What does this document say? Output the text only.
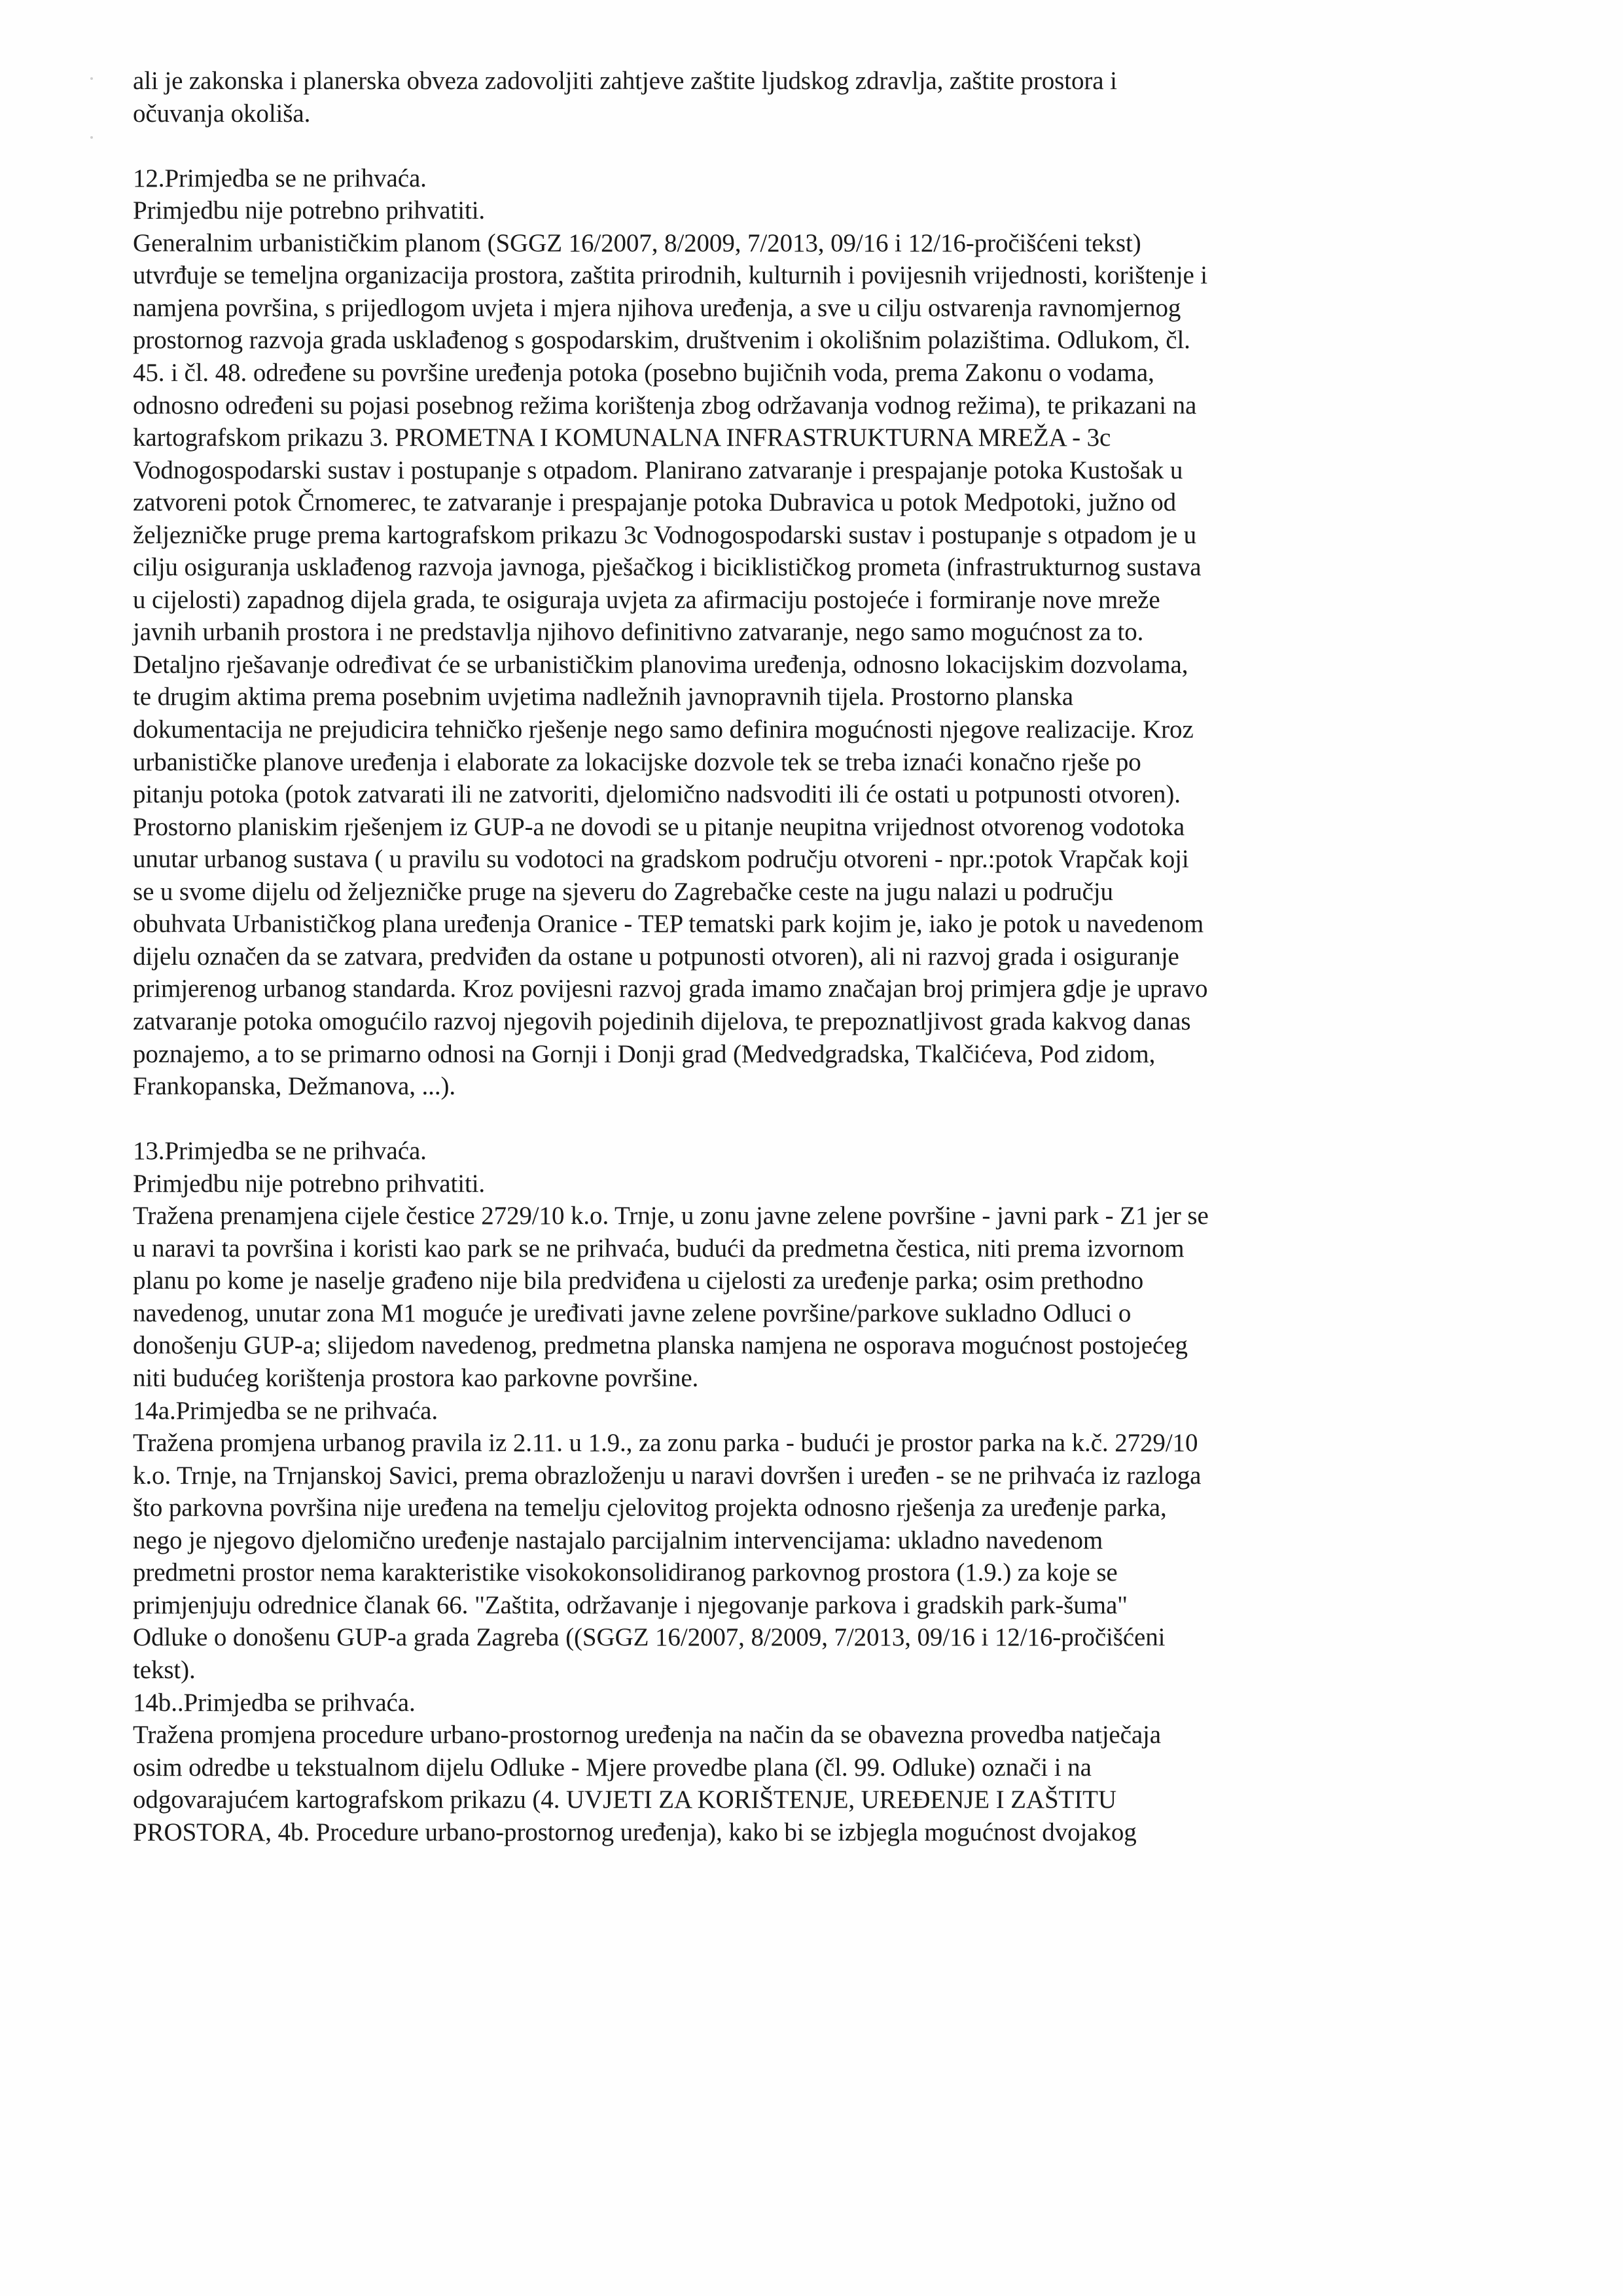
ali je zakonska i planerska obveza zadovoljiti zahtjeve zaštite ljudskog zdravlja, zaštite prostora i
očuvanja okoliša.
12.Primjedba se ne prihvaća.
Primjedbu nije potrebno prihvatiti.
Generalnim urbanističkim planom (SGGZ 16/2007, 8/2009, 7/2013, 09/16 i 12/16-pročišćeni tekst)
utvrđuje se temeljna organizacija prostora, zaštita prirodnih, kulturnih i povijesnih vrijednosti, korištenje i
namjena površina, s prijedlogom uvjeta i mjera njihova uređenja, a sve u cilju ostvarenja ravnomjernog
prostornog razvoja grada usklađenog s gospodarskim, društvenim i okolišnim polazištima. Odlukom, čl.
45. i čl. 48. određene su površine uređenja potoka (posebno bujičnih voda, prema Zakonu o vodama,
odnosno određeni su pojasi posebnog režima korištenja zbog održavanja vodnog režima), te prikazani na
kartografskom prikazu 3. PROMETNA I KOMUNALNA INFRASTRUKTURNA MREŽA - 3c
Vodnogospodarski sustav i postupanje s otpadom. Planirano zatvaranje i prespajanje potoka Kustošak u
zatvoreni potok Črnomerec, te zatvaranje i prespajanje potoka Dubravica u potok Medpotoki, južno od
željezničke pruge prema kartografskom prikazu 3c Vodnogospodarski sustav i postupanje s otpadom je u
cilju osiguranja usklađenog razvoja javnoga, pješačkog i biciklističkog prometa (infrastrukturnog sustava
u cijelosti) zapadnog dijela grada, te osiguraja uvjeta za afirmaciju postojeće i formiranje nove mreže
javnih urbanih prostora i ne predstavlja njihovo definitivno zatvaranje, nego samo mogućnost za to.
Detaljno rješavanje određivat će se urbanističkim planovima uređenja, odnosno lokacijskim dozvolama,
te drugim aktima prema posebnim uvjetima nadležnih javnopravnih tijela. Prostorno planska
dokumentacija ne prejudicira tehničko rješenje nego samo definira mogućnosti njegove realizacije. Kroz
urbanističke planove uređenja i elaborate za lokacijske dozvole tek se treba iznaći konačno rješe po
pitanju potoka (potok zatvarati ili ne zatvoriti, djelomično nadsvoditi ili će ostati u potpunosti otvoren).
Prostorno planiskim rješenjem iz GUP-a ne dovodi se u pitanje neupitna vrijednost otvorenog vodotoka
unutar urbanog sustava ( u pravilu su vodotoci na gradskom području otvoreni - npr.:potok Vrapčak koji
se u svome dijelu od željezničke pruge na sjeveru do Zagrebačke ceste na jugu nalazi u području
obuhvata Urbanističkog plana uređenja Oranice - TEP tematski park kojim je, iako je potok u navedenom
dijelu označen da se zatvara, predviđen da ostane u potpunosti otvoren), ali ni razvoj grada i osiguranje
primjerenog urbanog standarda. Kroz povijesni razvoj grada imamo značajan broj primjera gdje je upravo
zatvaranje potoka omogućilo razvoj njegovih pojedinih dijelova, te prepoznatljivost grada kakvog danas
poznajemo, a to se primarno odnosi na Gornji i Donji grad (Medvedgradska, Tkalčićeva, Pod zidom,
Frankopanska, Dežmanova, ...).
13.Primjedba se ne prihvaća.
Primjedbu nije potrebno prihvatiti.
Tražena prenamjena cijele čestice 2729/10 k.o. Trnje, u zonu javne zelene površine - javni park - Z1 jer se
u naravi ta površina i koristi kao park se ne prihvaća, budući da predmetna čestica, niti prema izvornom
planu po kome je naselje građeno nije bila predviđena u cijelosti za uređenje parka; osim prethodno
navedenog, unutar zona M1 moguće je uređivati javne zelene površine/parkove sukladno Odluci o
donošenju GUP-a; slijedom navedenog, predmetna planska namjena ne osporava mogućnost postojećeg
niti budućeg korištenja prostora kao parkovne površine.
14a.Primjedba se ne prihvaća.
Tražena promjena urbanog pravila iz 2.11. u 1.9., za zonu parka - budući je prostor parka na k.č. 2729/10
k.o. Trnje, na Trnjanskoj Savici, prema obrazloženju u naravi dovršen i uređen - se ne prihvaća iz razloga
što parkovna površina nije uređena na temelju cjelovitog projekta odnosno rješenja za uređenje parka,
nego je njegovo djelomično uređenje nastajalo parcijalnim intervencijama: ukladno navedenom
predmetni prostor nema karakteristike visokokonsolidiranog parkovnog prostora (1.9.) za koje se
primjenjuju odrednice članak 66. "Zaštita, održavanje i njegovanje parkova i gradskih park-šuma"
Odluke o donošenu GUP-a grada Zagreba ((SGGZ 16/2007, 8/2009, 7/2013, 09/16 i 12/16-pročišćeni
tekst).
14b..Primjedba se prihvaća.
Tražena promjena procedure urbano-prostornog uređenja na način da se obavezna provedba natječaja
osim odredbe u tekstualnom dijelu Odluke - Mjere provedbe plana (čl. 99. Odluke) označi i na
odgovarajućem kartografskom prikazu (4. UVJETI ZA KORIŠTENJE, UREĐENJE I ZAŠTITU
PROSTORA, 4b. Procedure urbano-prostornog uređenja), kako bi se izbjegla mogućnost dvojakog
